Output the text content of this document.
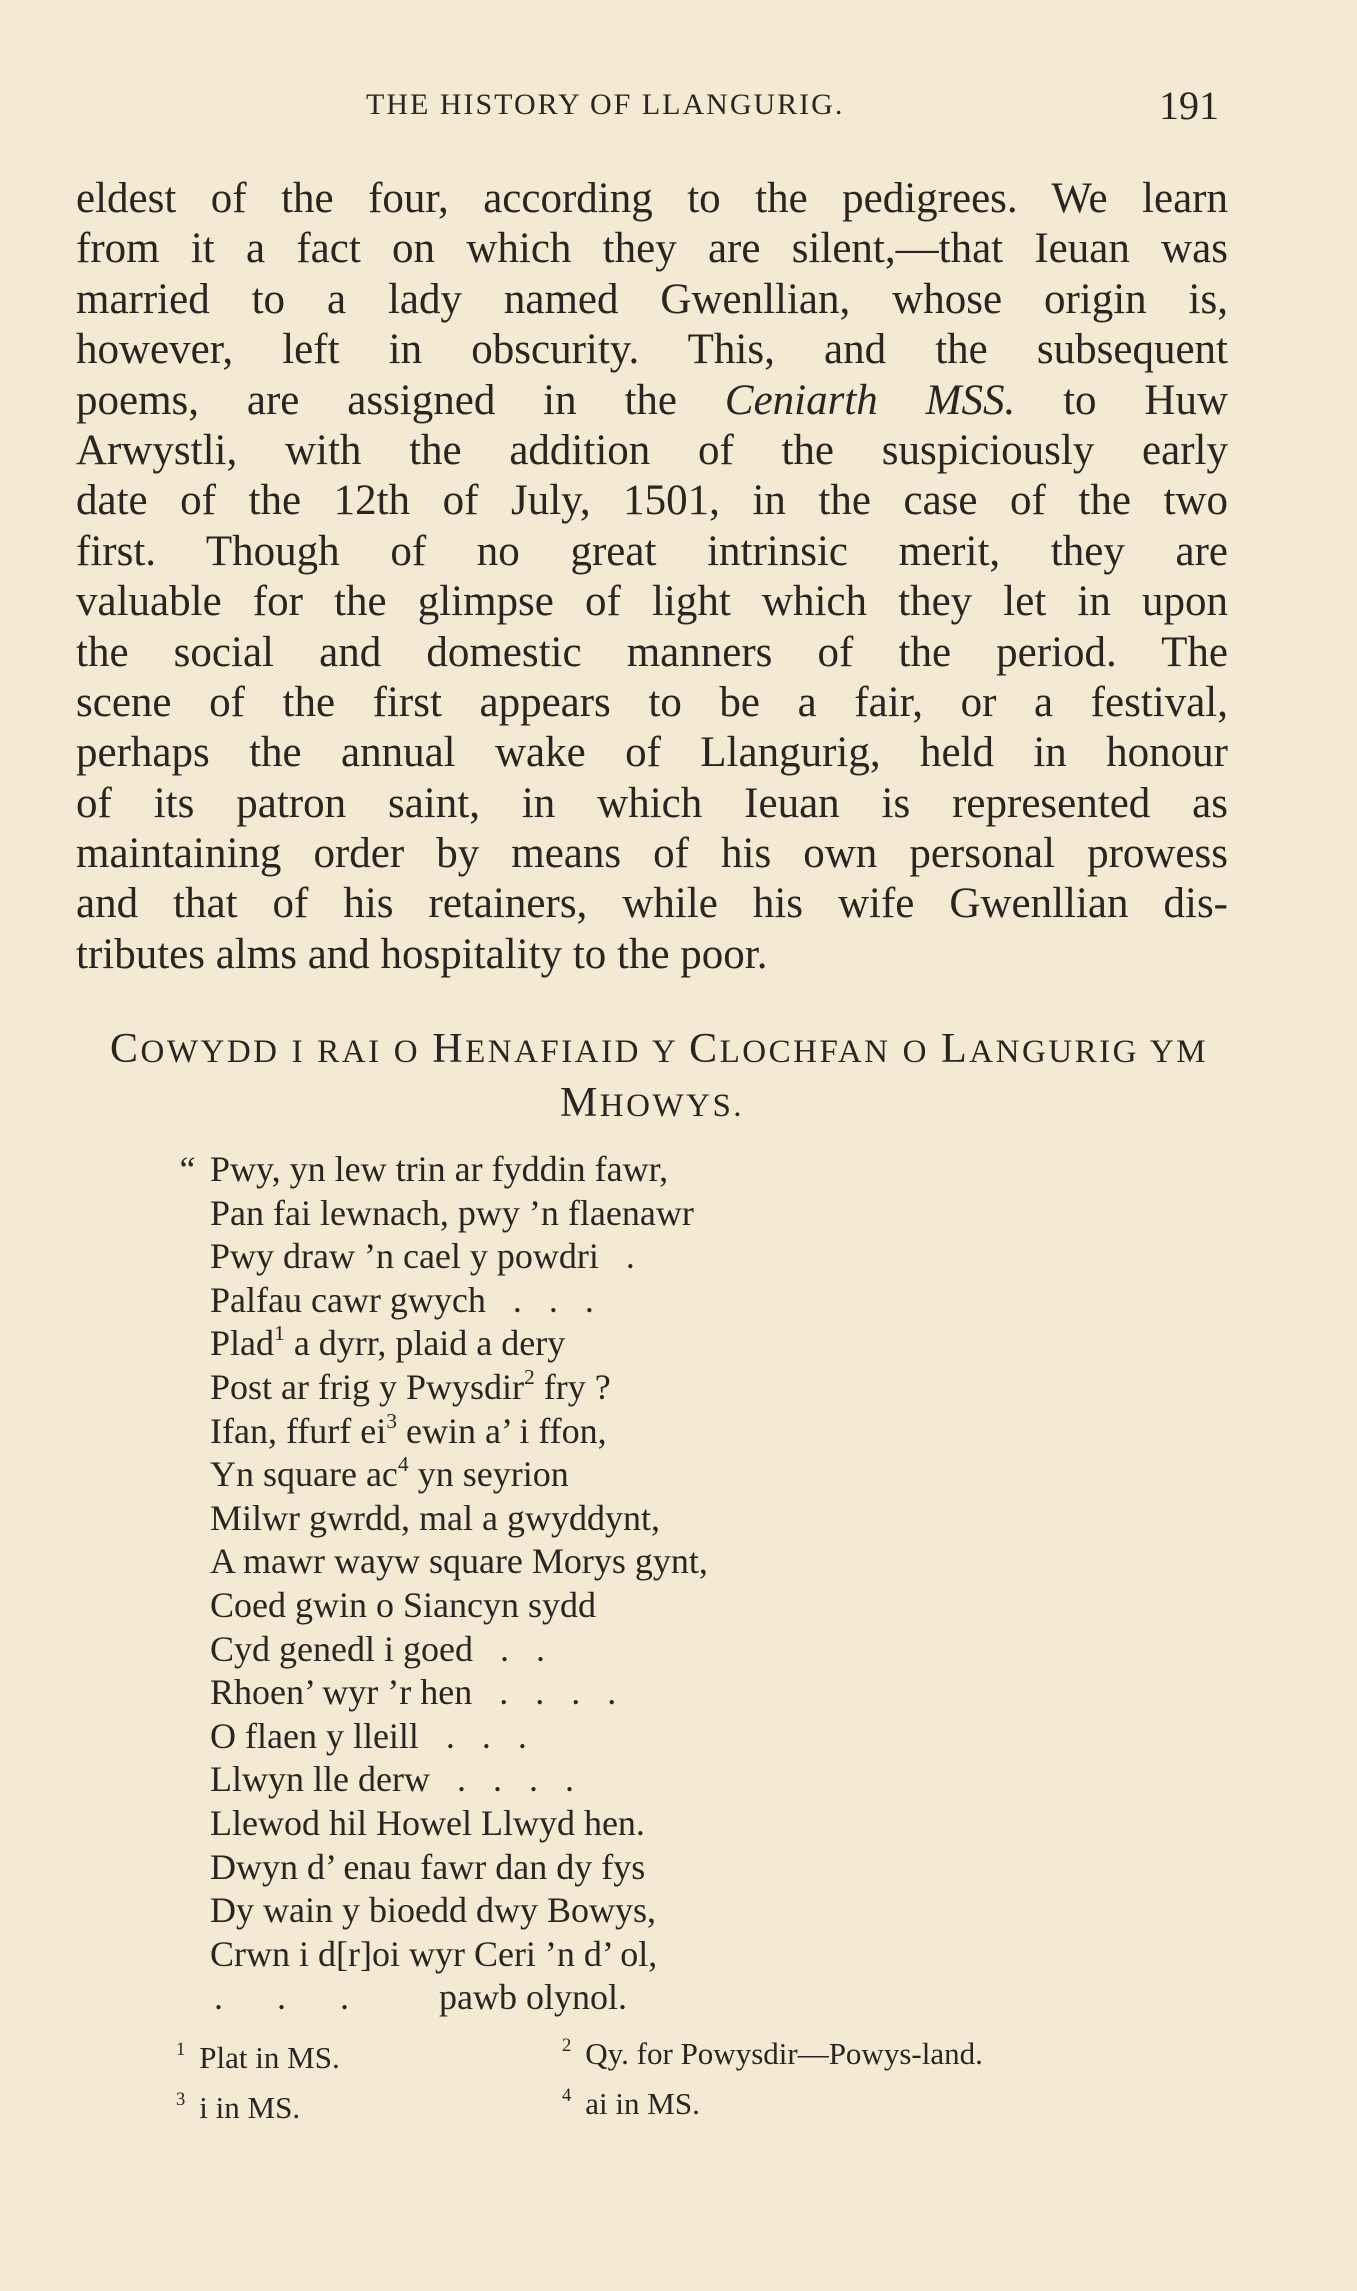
THE HISTORY OF LLANGURIG.	191
eldest of the four, according to the pedigrees. We learn
from it a fact on which they are silent,—that Ieuan was
married to a lady named Gwenllian, whose origin is,
however, left in obscurity. This, and the subsequent
poems, are assigned in the Ceniarth MSS. to Huw
Arwystli, with the addition of the suspiciously early
date of the 12th of July, 1501, in the case of the two
first. Though of no great intrinsic merit, they are
valuable for the glimpse of light which they let in upon
the social and domestic manners of the period. The
scene of the first appears to be a fair, or a festival,
perhaps the annual wake of Llangurig, held in honour
of its patron saint, in which Ieuan is represented as
maintaining order by means of his own personal prowess
and that of his retainers, while his wife Gwenllian dis-
tributes alms and hospitality to the poor.
COWYDD I RAI O HENAFIAID Y CLOCHFAN O LANGURIG YM
MHOWYS.
“ Pwy, yn lew trin ar fyddin fawr,
Pan fai lewnach, pwy ’n flaenawr
Pwy draw ’n cael y powdri   .
Palfau cawr gwych   .   .   .
Plad$^1$ a dyrr, plaid a dery
Post ar frig y Pwysdir$^2$ fry ?
Ifan, ffurf $ei^3$ ewin a’ i ffon,
Yn square $ac^4$ yn seyrion
Milwr gwrdd, mal a gwyddynt,
A mawr wayw square Morys gynt,
Coed gwin o Siancyn sydd
Cyd genedl i goed   .   .
Rhoen’ wyr ’r hen   .   .   .   .
O flaen y lleill   .   .   .
Llwyn lle derw   .   .   .   .
Llewod hil Howel Llwyd hen.
Dwyn d’ enau fawr dan dy fys
Dy wain y bioedd dwy Bowys,
Crwn i d[r]oi wyr Ceri ’n d’ ol,
.      .      .          pawb olynol.
$^1$ Plat in MS.	$^2$ Qy. for Powysdir—Powys-land.
$^3$ i in MS.	$^4$ ai in MS.
